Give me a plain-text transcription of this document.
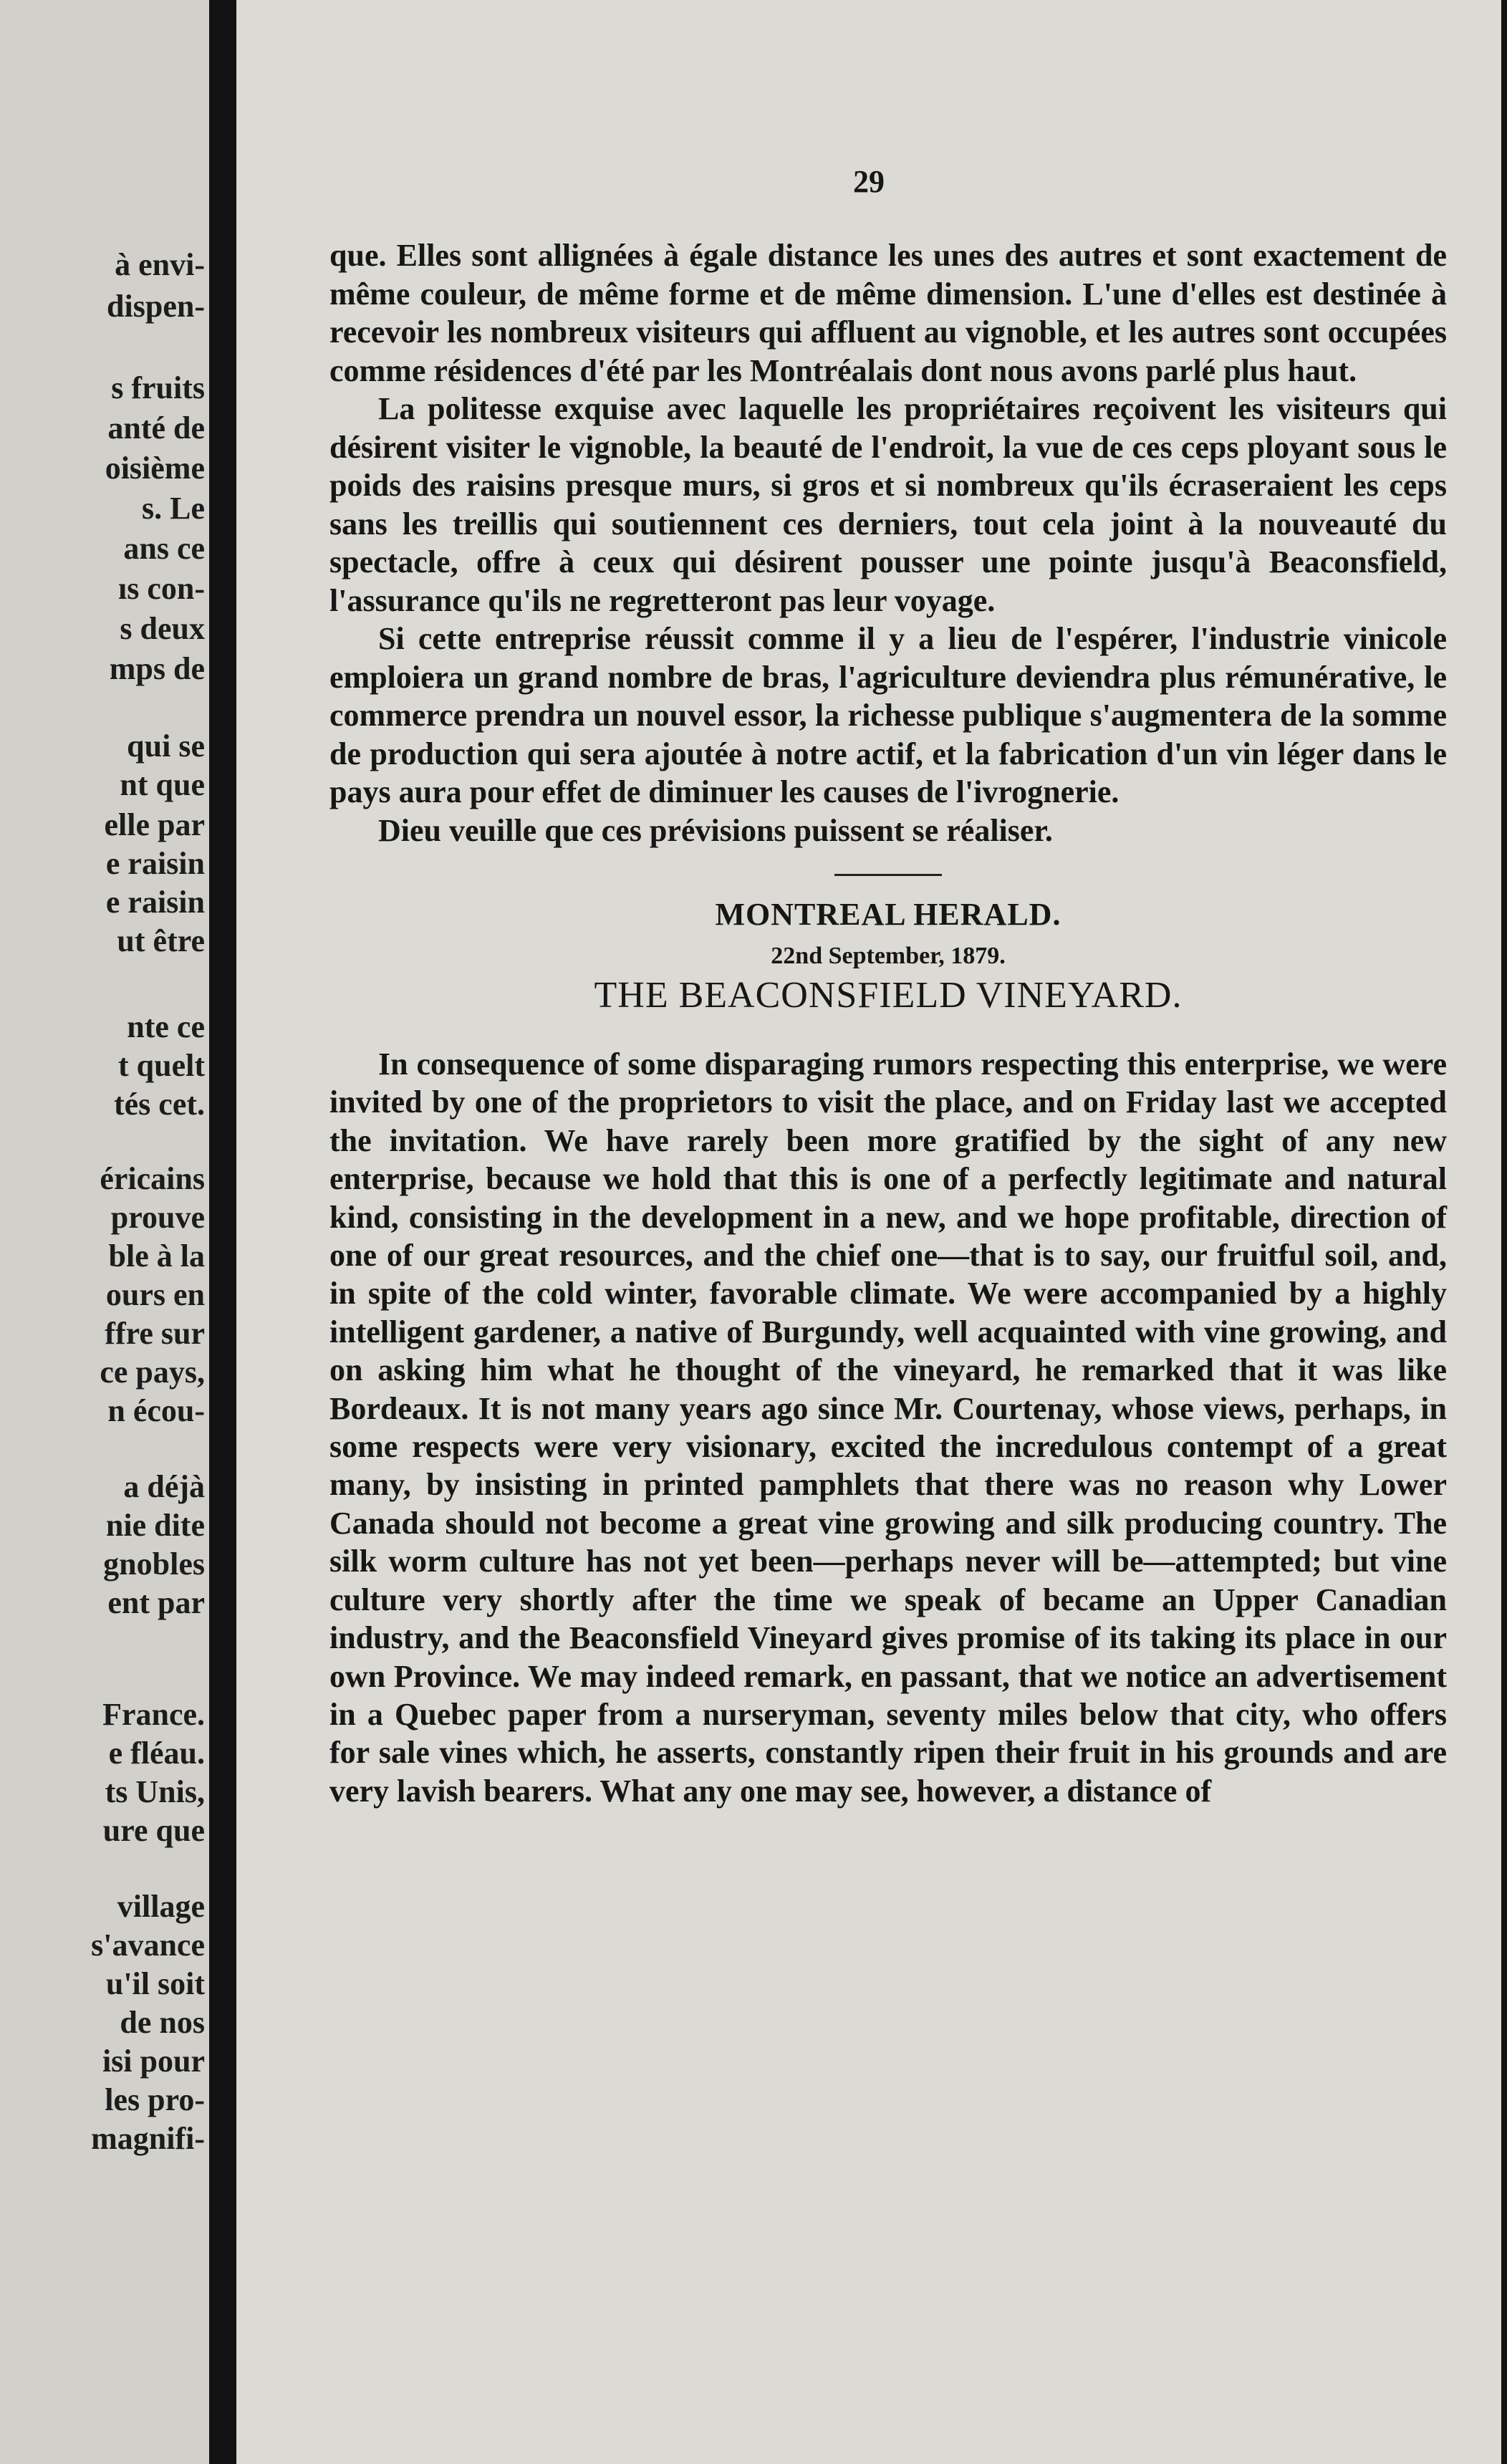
à envi-
dispen-
s fruits
anté de
oisième
s. Le
ans ce
ıs con-
s deux
mps de
qui se
nt que
elle par
e raisin
e raisin
ut être
nte ce
t quelt
tés cet.
éricains
prouve
ble à la
ours en
ffre sur
ce pays,
n écou-
a déjà
nie dite
gnobles
ent par
France.
e fléau.
ts Unis,
ure que
village
s'avance
u'il soit
de nos
isi pour
les pro-
magnifi-
29

que. Elles sont allignées à égale distance les unes des autres et sont exactement de même couleur, de même forme et de même dimension. L'une d'elles est destinée à recevoir les nombreux visiteurs qui affluent au vignoble, et les autres sont occupées comme résidences d'été par les Montréalais dont nous avons parlé plus haut.

La politesse exquise avec laquelle les propriétaires reçoivent les visiteurs qui désirent visiter le vignoble, la beauté de l'endroit, la vue de ces ceps ployant sous le poids des raisins presque murs, si gros et si nombreux qu'ils écraseraient les ceps sans les treillis qui soutiennent ces derniers, tout cela joint à la nouveauté du spectacle, offre à ceux qui désirent pousser une pointe jusqu'à Beaconsfield, l'assurance qu'ils ne regretteront pas leur voyage.

Si cette entreprise réussit comme il y a lieu de l'espérer, l'industrie vinicole emploiera un grand nombre de bras, l'agriculture deviendra plus rémunérative, le commerce prendra un nouvel essor, la richesse publique s'augmentera de la somme de production qui sera ajoutée à notre actif, et la fabrication d'un vin léger dans le pays aura pour effet de diminuer les causes de l'ivrognerie.

Dieu veuille que ces prévisions puissent se réaliser.

MONTREAL HERALD.
22nd September, 1879.
THE BEACONSFIELD VINEYARD.

In consequence of some disparaging rumors respecting this enterprise, we were invited by one of the proprietors to visit the place, and on Friday last we accepted the invitation. We have rarely been more gratified by the sight of any new enterprise, because we hold that this is one of a perfectly legitimate and natural kind, consisting in the development in a new, and we hope profitable, direction of one of our great resources, and the chief one—that is to say, our fruitful soil, and, in spite of the cold winter, favorable climate. We were accompanied by a highly intelligent gardener, a native of Burgundy, well acquainted with vine growing, and on asking him what he thought of the vineyard, he remarked that it was like Bordeaux. It is not many years ago since Mr. Courtenay, whose views, perhaps, in some respects were very visionary, excited the incredulous contempt of a great many, by insisting in printed pamphlets that there was no reason why Lower Canada should not become a great vine growing and silk producing country. The silk worm culture has not yet been—perhaps never will be—attempted; but vine culture very shortly after the time we speak of became an Upper Canadian industry, and the Beaconsfield Vineyard gives promise of its taking its place in our own Province. We may indeed remark, en passant, that we notice an advertisement in a Quebec paper from a nurseryman, seventy miles below that city, who offers for sale vines which, he asserts, constantly ripen their fruit in his grounds and are very lavish bearers. What any one may see, however, a distance of
